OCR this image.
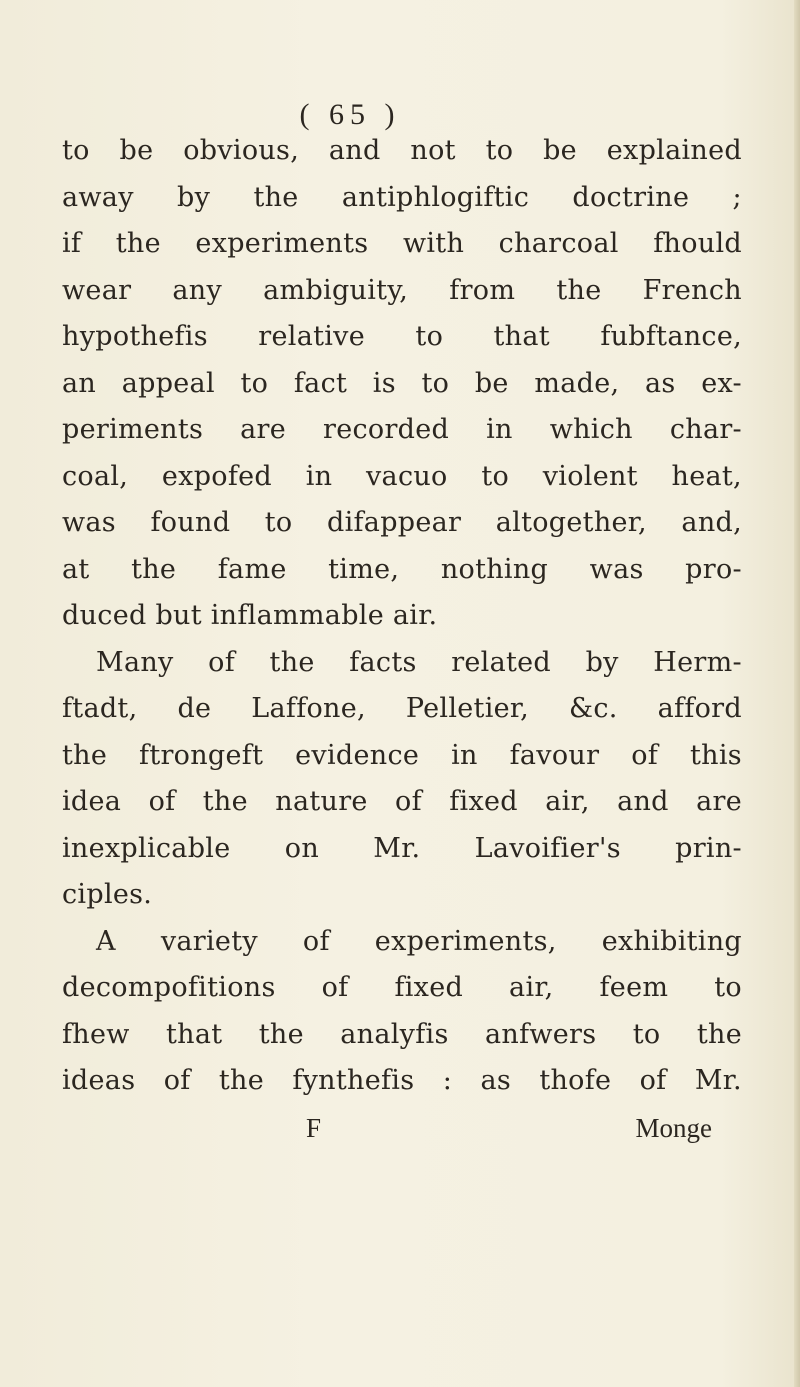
( 65 )
to be obvious, and not to be explained
away by the antiphlogiftic doctrine ;
if the experiments with charcoal fhould
wear any ambiguity, from the French
hypothefis relative to that fubftance,
an appeal to fact is to be made, as ex-
periments are recorded in which char-
coal, expofed in vacuo to violent heat,
was found to difappear altogether, and,
at the fame time, nothing was pro-
duced but inflammable air.
Many of the facts related by Herm-
ftadt, de Laffone, Pelletier, &c. afford
the ftrongeft evidence in favour of this
idea of the nature of fixed air, and are
inexplicable on Mr. Lavoifier's prin-
ciples.
A variety of experiments, exhibiting
decompofitions of fixed air, feem to
fhew that the analyfis anfwers to the
ideas of the fynthefis : as thofe of Mr.
F	Monge
